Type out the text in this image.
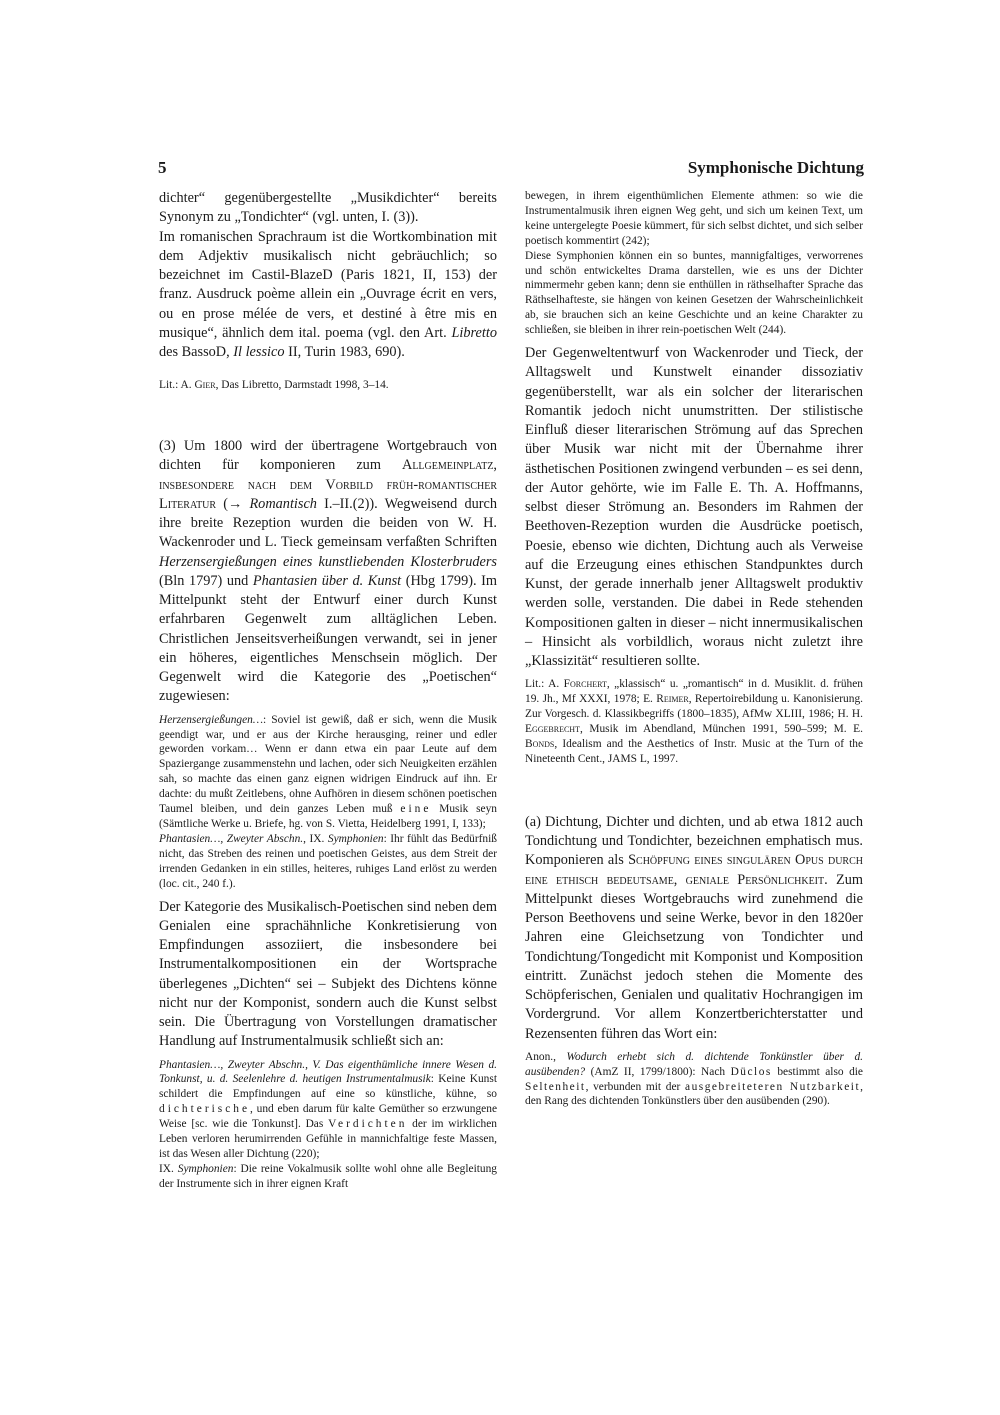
5	Symphonische Dichtung

dichter“ gegenübergestellte „Musikdichter“ bereits Synonym zu „Tondichter“ (vgl. unten, I. (3)).

Im romanischen Sprachraum ist die Wortkombination mit dem Adjektiv musikalisch nicht gebräuchlich; so bezeichnet im Castil-BlazeD (Paris 1821, II, 153) der franz. Ausdruck poème allein ein „Ouvrage écrit en vers, ou en prose mélée de vers, et destiné à être mis en musique“, ähnlich dem ital. poema (vgl. den Art. Libretto des BassoD, Il lessico II, Turin 1983, 690).

Lit.: A. Gier, Das Libretto, Darmstadt 1998, 3–14.

(3) Um 1800 wird der übertragene Wortgebrauch von dichten für komponieren zum Allgemeinplatz, insbesondere nach dem Vorbild früh-romantischer Literatur (→ Romantisch I.–II.(2)). Wegweisend durch ihre breite Rezeption wurden die beiden von W. H. Wackenroder und L. Tieck gemeinsam verfaßten Schriften Herzensergießungen eines kunstliebenden Klosterbruders (Bln 1797) und Phantasien über d. Kunst (Hbg 1799). Im Mittelpunkt steht der Entwurf einer durch Kunst erfahrbaren Gegenwelt zum alltäglichen Leben. Christlichen Jenseitsverheißungen verwandt, sei in jener ein höheres, eigentliches Menschsein möglich. Der Gegenwelt wird die Kategorie des „Poetischen“ zugewiesen:

Herzensergießungen…: Soviel ist gewiß, daß er sich, wenn die Musik geendigt war, und er aus der Kirche herausging, reiner und edler geworden vorkam… Wenn er dann etwa ein paar Leute auf dem Spaziergange zusammenstehn und lachen, oder sich Neuigkeiten erzählen sah, so machte das einen ganz eignen widrigen Eindruck auf ihn. Er dachte: du mußt Zeitlebens, ohne Aufhören in diesem schönen poetischen Taumel bleiben, und dein ganzes Leben muß eine Musik seyn (Sämtliche Werke u. Briefe, hg. von S. Vietta, Heidelberg 1991, I, 133);

Phantasien…, Zweyter Abschn., IX. Symphonien: Ihr fühlt das Bedürfniß nicht, das Streben des reinen und poetischen Geistes, aus dem Streit der irrenden Gedanken in ein stilles, heiteres, ruhiges Land erlöst zu werden (loc. cit., 240 f.).

Der Kategorie des Musikalisch-Poetischen sind neben dem Genialen eine sprachähnliche Konkretisierung von Empfindungen assoziiert, die insbesondere bei Instrumentalkompositionen ein der Wortsprache überlegenes „Dichten“ sei – Subjekt des Dichtens könne nicht nur der Komponist, sondern auch die Kunst selbst sein. Die Übertragung von Vorstellungen dramatischer Handlung auf Instrumentalmusik schließt sich an:

Phantasien…, Zweyter Abschn., V. Das eigenthümliche innere Wesen d. Tonkunst, u. d. Seelenlehre d. heutigen Instrumentalmusik: Keine Kunst schildert die Empfindungen auf eine so künstliche, kühne, so dichterische, und eben darum für kalte Gemüther so erzwungene Weise [sc. wie die Tonkunst]. Das Verdichten der im wirklichen Leben verloren herumirrenden Gefühle in mannichfaltige feste Massen, ist das Wesen aller Dichtung (220);

IX. Symphonien: Die reine Vokalmusik sollte wohl ohne alle Begleitung der Instrumente sich in ihrer eignen Kraft

bewegen, in ihrem eigenthümlichen Elemente athmen: so wie die Instrumentalmusik ihren eignen Weg geht, und sich um keinen Text, um keine untergelegte Poesie kümmert, für sich selbst dichtet, und sich selber poetisch kommentirt (242);

Diese Symphonien können ein so buntes, mannigfaltiges, verworrenes und schön entwickeltes Drama darstellen, wie es uns der Dichter nimmermehr geben kann; denn sie enthüllen in räthselhafter Sprache das Räthselhafteste, sie hängen von keinen Gesetzen der Wahrscheinlichkeit ab, sie brauchen sich an keine Geschichte und an keine Charakter zu schließen, sie bleiben in ihrer rein-poetischen Welt (244).

Der Gegenweltentwurf von Wackenroder und Tieck, der Alltagswelt und Kunstwelt einander dissoziativ gegenüberstellt, war als ein solcher der literarischen Romantik jedoch nicht unumstritten. Der stilistische Einfluß dieser literarischen Strömung auf das Sprechen über Musik war nicht mit der Übernahme ihrer ästhetischen Positionen zwingend verbunden – es sei denn, der Autor gehörte, wie im Falle E. Th. A. Hoffmanns, selbst dieser Strömung an. Besonders im Rahmen der Beethoven-Rezeption wurden die Ausdrücke poetisch, Poesie, ebenso wie dichten, Dichtung auch als Verweise auf die Erzeugung eines ethischen Standpunktes durch Kunst, der gerade innerhalb jener Alltagswelt produktiv werden solle, verstanden. Die dabei in Rede stehenden Kompositionen galten in dieser – nicht innermusikalischen – Hinsicht als vorbildlich, woraus nicht zuletzt ihre „Klassizität“ resultieren sollte.

Lit.: A. Forchert, „klassisch“ u. „romantisch“ in d. Musiklit. d. frühen 19. Jh., Mf XXXI, 1978; E. Reimer, Repertoirebildung u. Kanonisierung. Zur Vorgesch. d. Klassikbegriffs (1800–1835), AfMw XLIII, 1986; H. H. Eggebrecht, Musik im Abendland, München 1991, 590–599; M. E. Bonds, Idealism and the Aesthetics of Instr. Music at the Turn of the Nineteenth Cent., JAMS L, 1997.

(a) Dichtung, Dichter und dichten, und ab etwa 1812 auch Tondichtung und Tondichter, bezeichnen emphatisch mus. Komponieren als Schöpfung eines singulären Opus durch eine ethisch bedeutsame, geniale Persönlichkeit. Zum Mittelpunkt dieses Wortgebrauchs wird zunehmend die Person Beethovens und seine Werke, bevor in den 1820er Jahren eine Gleichsetzung von Tondichter und Tondichtung/Tongedicht mit Komponist und Komposition eintritt. Zunächst jedoch stehen die Momente des Schöpferischen, Genialen und qualitativ Hochrangigen im Vordergrund. Vor allem Konzertberichterstatter und Rezensenten führen das Wort ein:

Anon., Wodurch erhebt sich d. dichtende Tonkünstler über d. ausübenden? (AmZ II, 1799/1800): Nach Düclos bestimmt also die Seltenheit, verbunden mit der ausgebreiteteren Nutzbarkeit, den Rang des dichtenden Tonkünstlers über den ausübenden (290).
